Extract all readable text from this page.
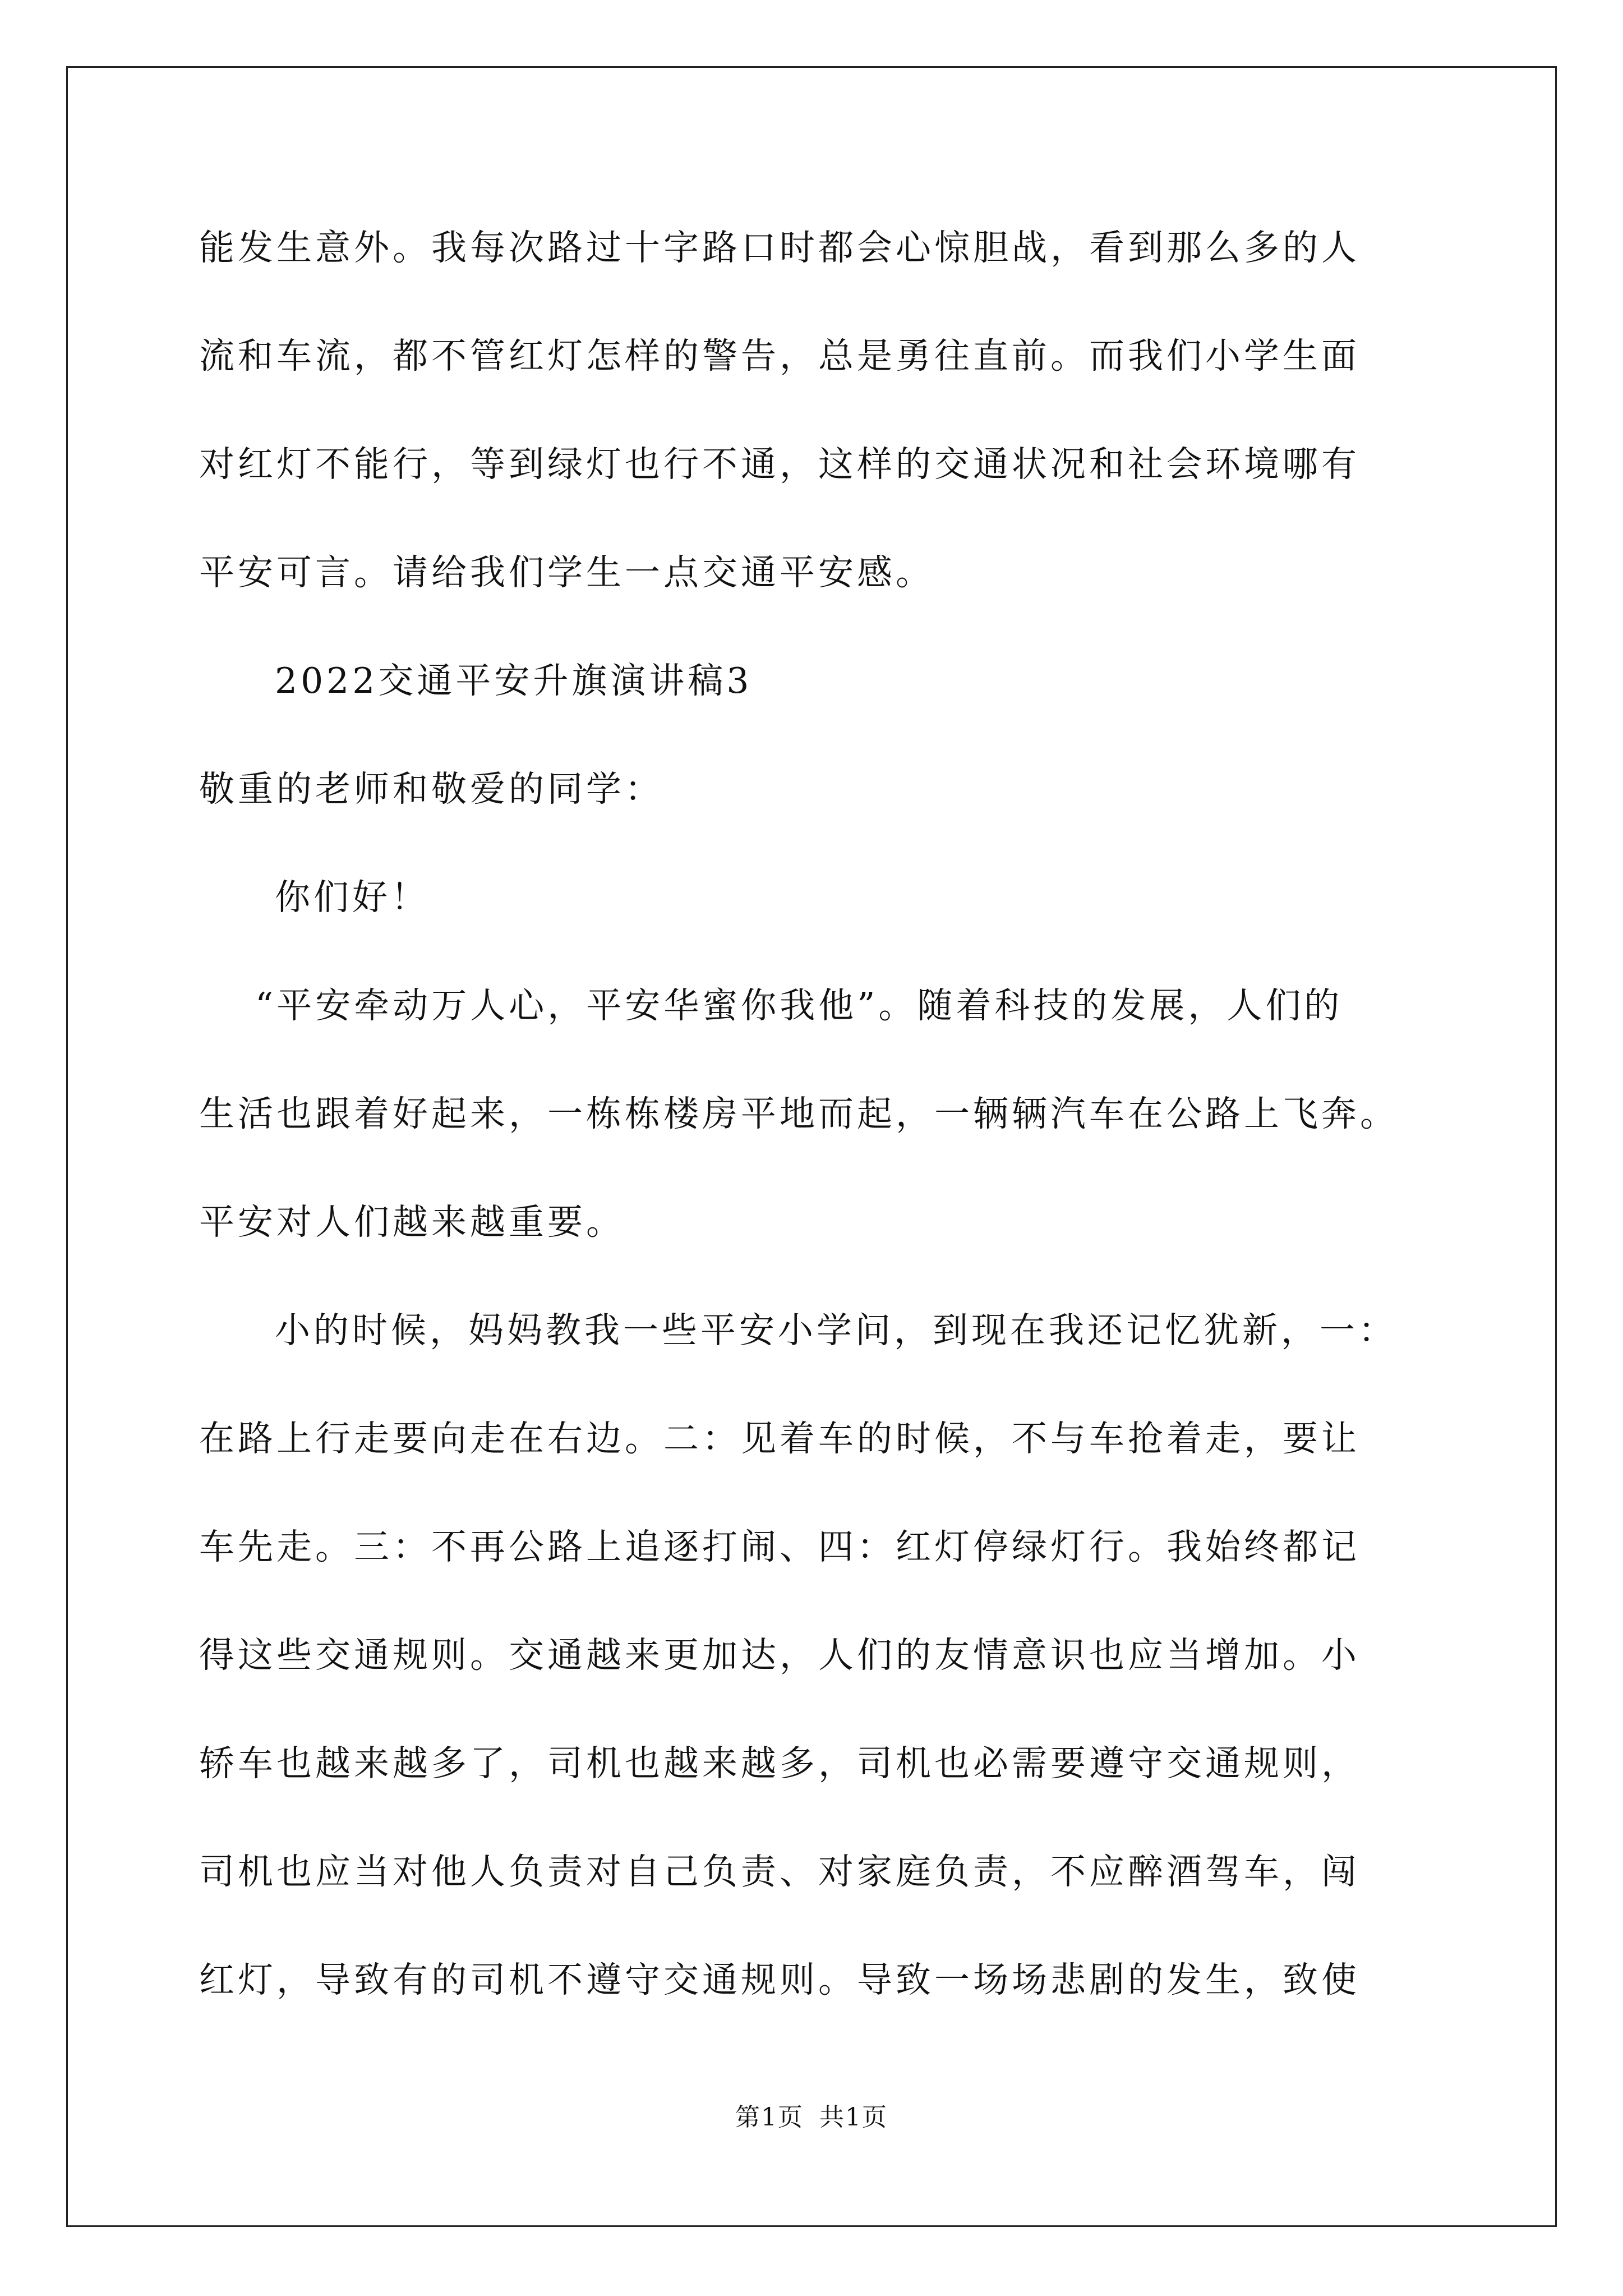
能发生意外。我每次路过十字路口时都会心惊胆战，看到那么多的人
流和车流，都不管红灯怎样的警告，总是勇往直前。而我们小学生面
对红灯不能行，等到绿灯也行不通，这样的交通状况和社会环境哪有
平安可言。请给我们学生一点交通平安感。
2022交通平安升旗演讲稿3
敬重的老师和敬爱的同学：
你们好！
“平安牵动万人心，平安华蜜你我他”。随着科技的发展，人们的
生活也跟着好起来，一栋栋楼房平地而起，一辆辆汽车在公路上飞奔。
平安对人们越来越重要。
小的时候，妈妈教我一些平安小学问，到现在我还记忆犹新，一：
在路上行走要向走在右边。二：见着车的时候，不与车抢着走，要让
车先走。三：不再公路上追逐打闹、四：红灯停绿灯行。我始终都记
得这些交通规则。交通越来更加达，人们的友情意识也应当增加。小
轿车也越来越多了，司机也越来越多，司机也必需要遵守交通规则，
司机也应当对他人负责对自己负责、对家庭负责，不应醉酒驾车，闯
红灯，导致有的司机不遵守交通规则。导致一场场悲剧的发生，致使
第1页 共1页
